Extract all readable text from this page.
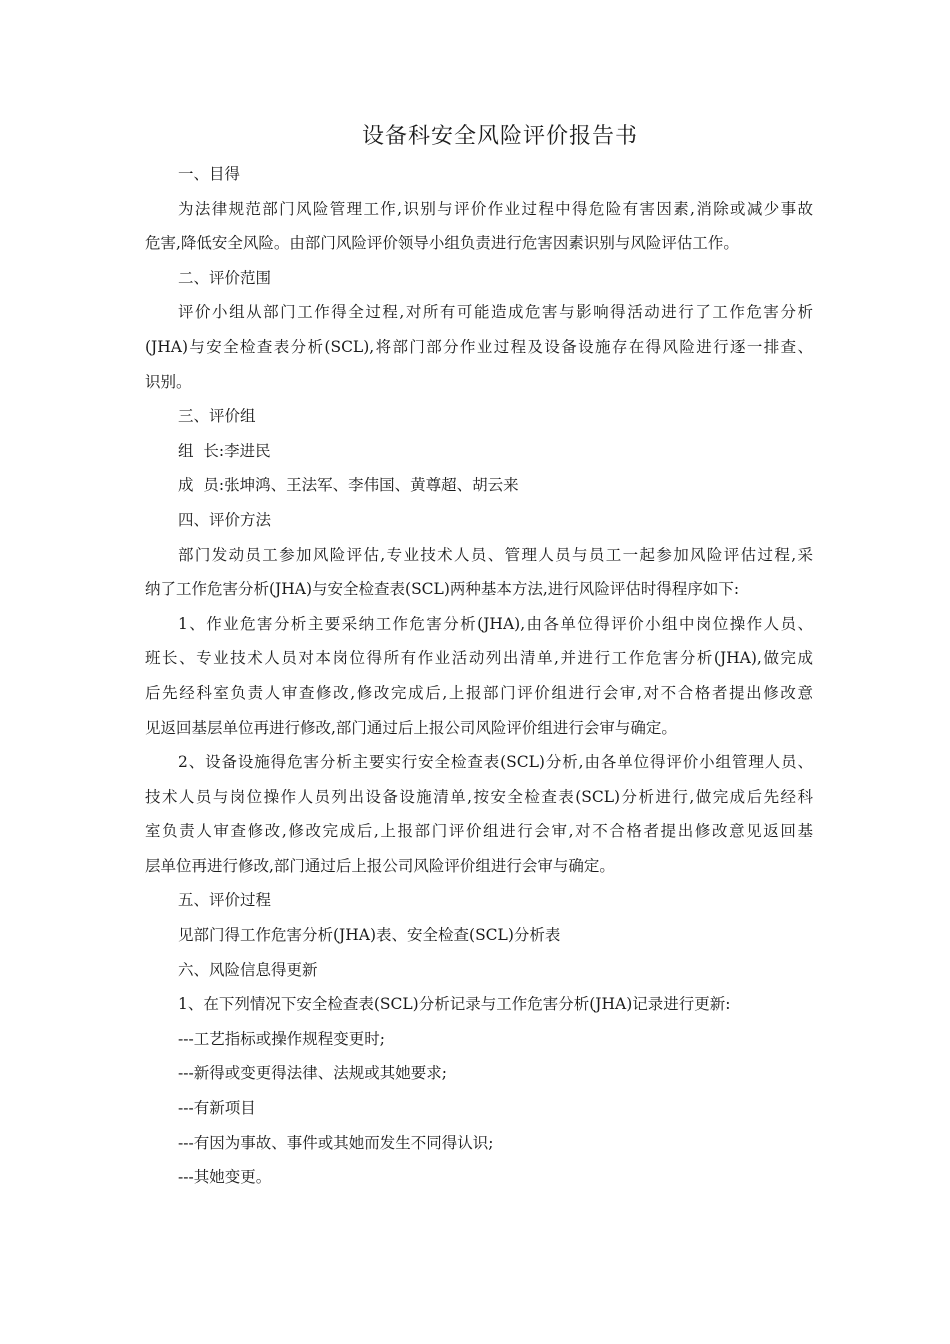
设备科安全风险评价报告书
一、目得
为法律规范部门风险管理工作,识别与评价作业过程中得危险有害因素,消除或减少事故
危害,降低安全风险。由部门风险评价领导小组负责进行危害因素识别与风险评估工作。
二、评价范围
评价小组从部门工作得全过程,对所有可能造成危害与影响得活动进行了工作危害分析
(JHA)与安全检查表分析(SCL),将部门部分作业过程及设备设施存在得风险进行逐一排查、
识别。
三、评价组
组  长:李进民
成  员:张坤鸿、王法军、李伟国、黄尊超、胡云来
四、评价方法
部门发动员工参加风险评估,专业技术人员、管理人员与员工一起参加风险评估过程,采
纳了工作危害分析(JHA)与安全检查表(SCL)两种基本方法,进行风险评估时得程序如下:
1、作业危害分析主要采纳工作危害分析(JHA),由各单位得评价小组中岗位操作人员、
班长、专业技术人员对本岗位得所有作业活动列出清单,并进行工作危害分析(JHA),做完成
后先经科室负责人审查修改,修改完成后,上报部门评价组进行会审,对不合格者提出修改意
见返回基层单位再进行修改,部门通过后上报公司风险评价组进行会审与确定。
2、设备设施得危害分析主要实行安全检查表(SCL)分析,由各单位得评价小组管理人员、
技术人员与岗位操作人员列出设备设施清单,按安全检查表(SCL)分析进行,做完成后先经科
室负责人审查修改,修改完成后,上报部门评价组进行会审,对不合格者提出修改意见返回基
层单位再进行修改,部门通过后上报公司风险评价组进行会审与确定。
五、评价过程
见部门得工作危害分析(JHA)表、安全检查(SCL)分析表
六、风险信息得更新
1、在下列情况下安全检查表(SCL)分析记录与工作危害分析(JHA)记录进行更新:
---工艺指标或操作规程变更时;
---新得或变更得法律、法规或其她要求;
---有新项目
---有因为事故、事件或其她而发生不同得认识;
---其她变更。
